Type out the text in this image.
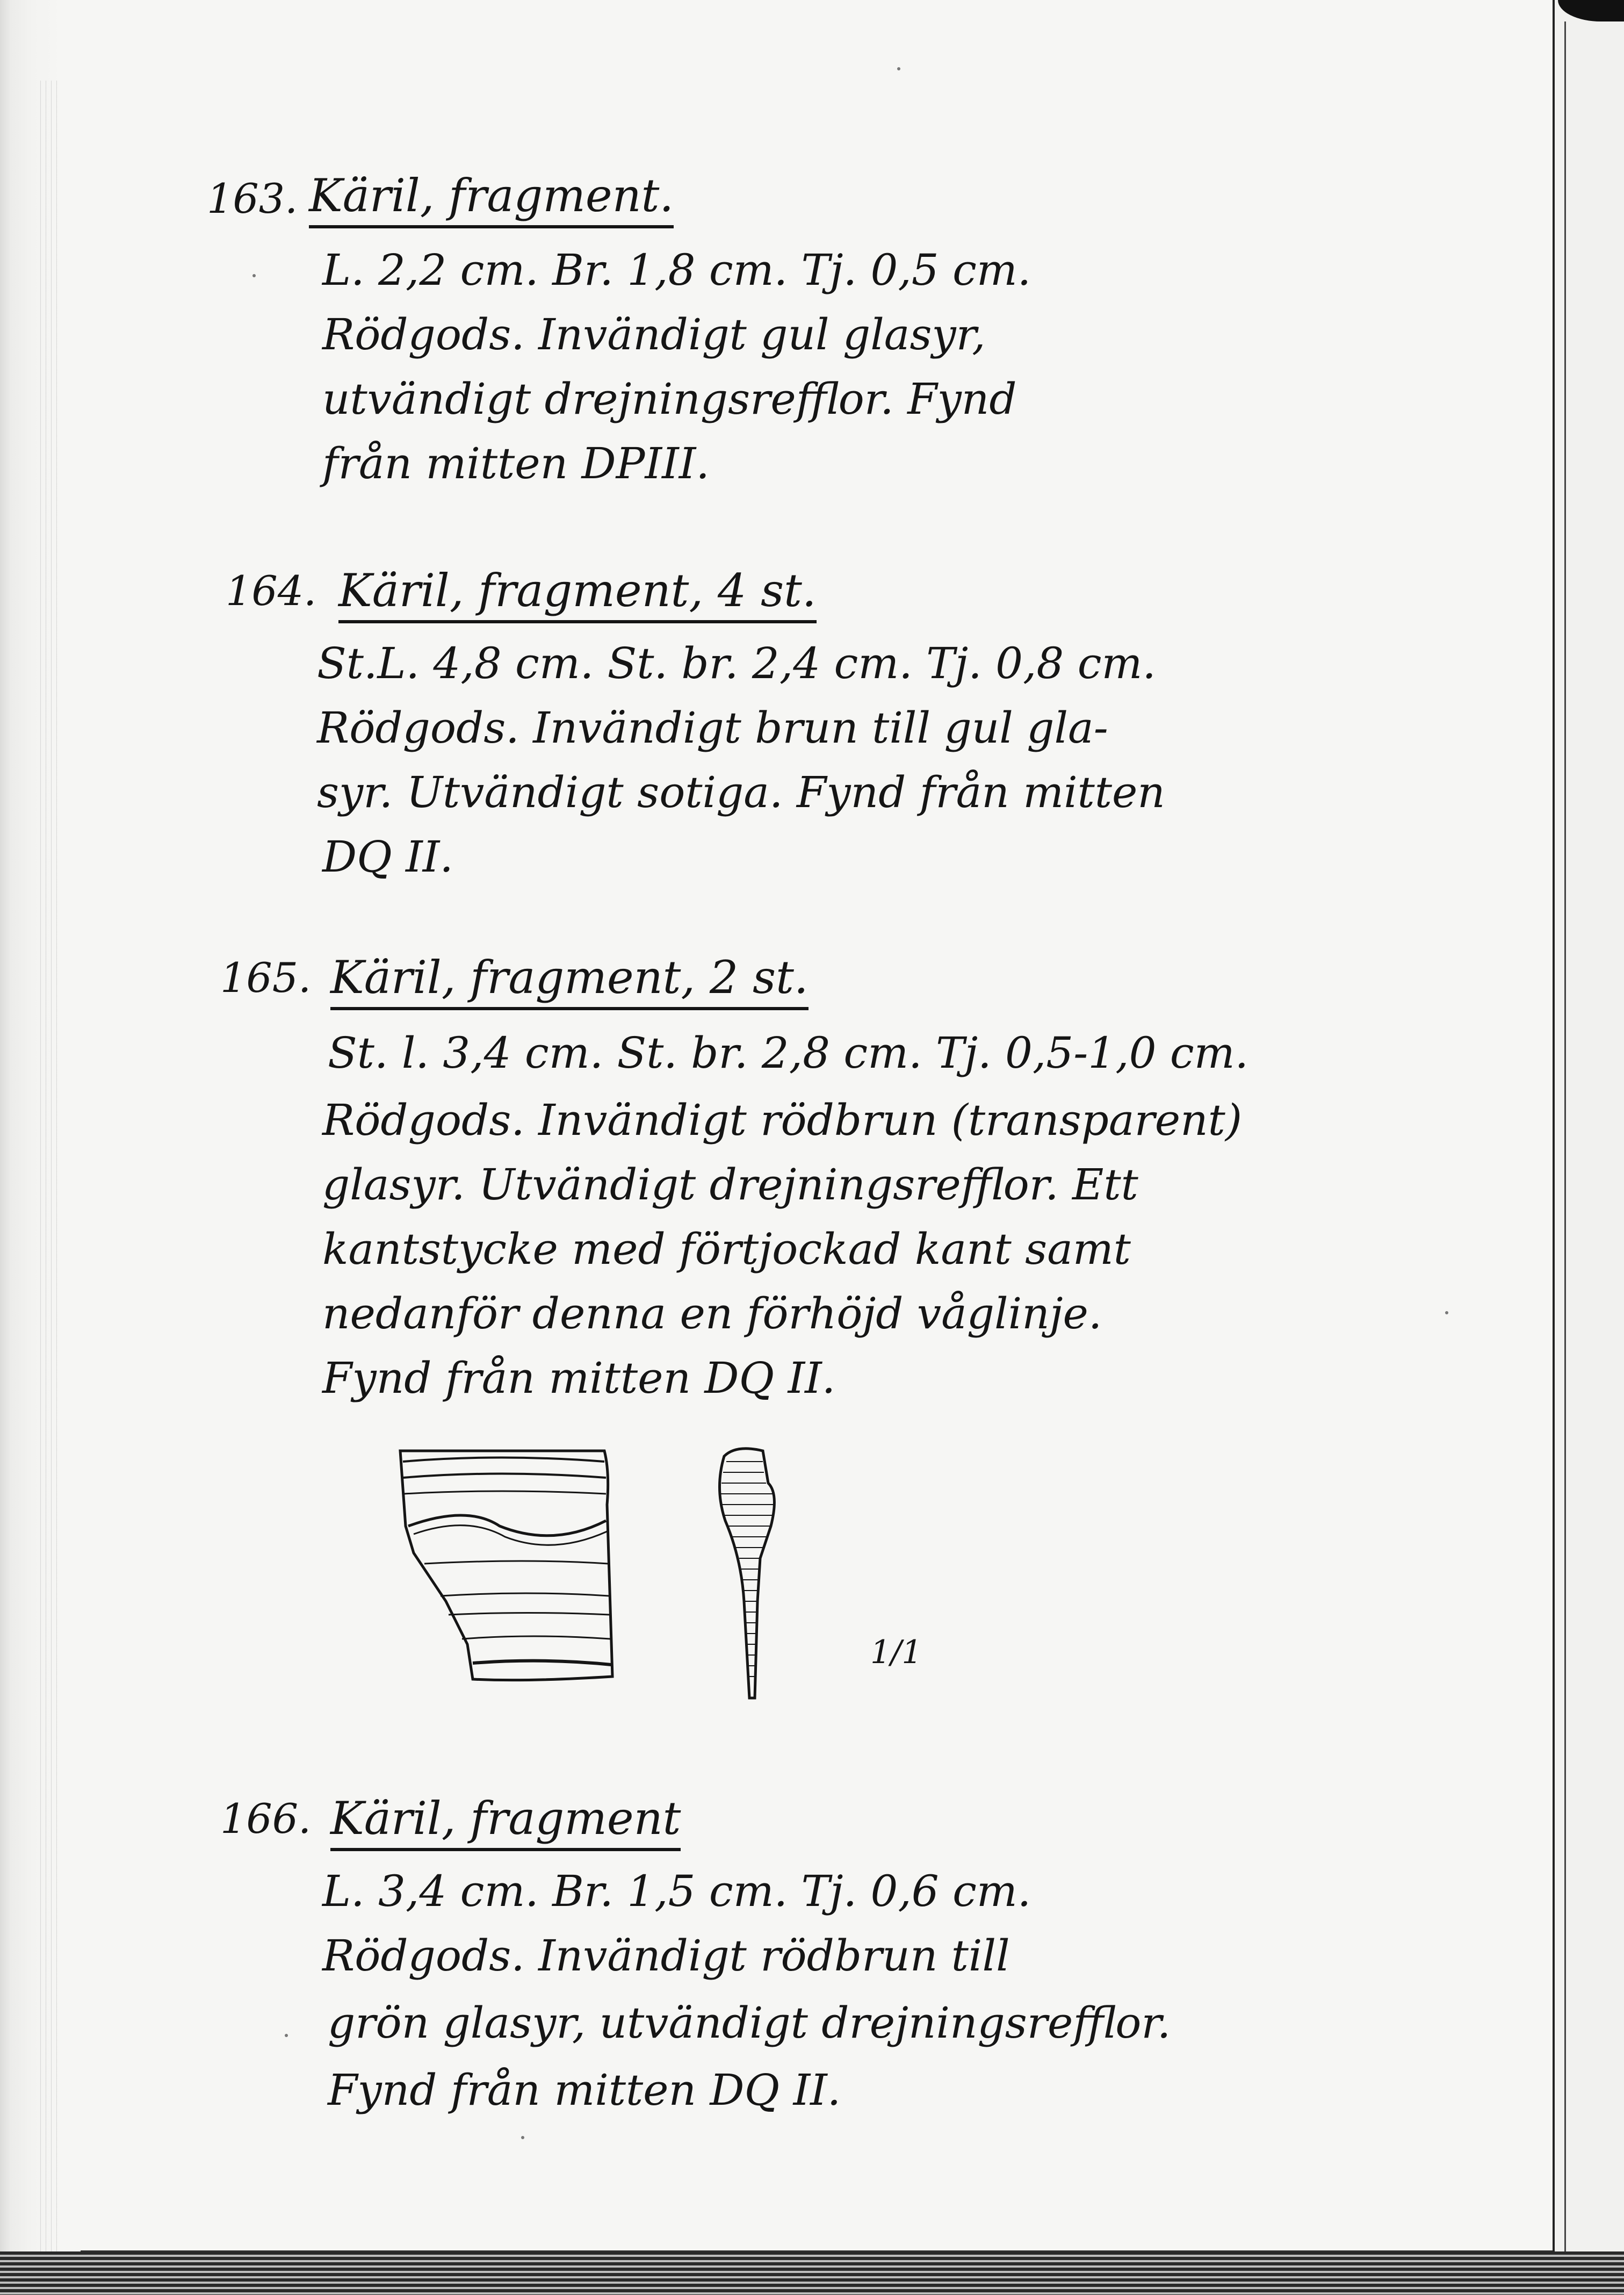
163. Käril, fragment.
L. 2,2 cm. Br. 1,8 cm. Tj. 0,5 cm.
Rödgods. Invändigt gul glasyr,
utvändigt drejningsrefflor. Fynd
från mitten DPIII.
164. Käril, fragment, 4 st.
St.L. 4,8 cm. St. br. 2,4 cm. Tj. 0,8 cm.
Rödgods. Invändigt brun till gul gla-
syr. Utvändigt sotiga. Fynd från mitten
DQ II.
165. Käril, fragment, 2 st.
St. l. 3,4 cm. St. br. 2,8 cm. Tj. 0,5-1,0 cm.
Rödgods. Invändigt rödbrun (transparent)
glasyr. Utvändigt drejningsrefflor. Ett
kantstycke med förtjockad kant samt
nedanför denna en förhöjd våglinje.
Fynd från mitten DQ II.
1/1
166. Käril, fragment
L. 3,4 cm. Br. 1,5 cm. Tj. 0,6 cm.
Rödgods. Invändigt rödbrun till
grön glasyr, utvändigt drejningsrefflor.
Fynd från mitten DQ II.
